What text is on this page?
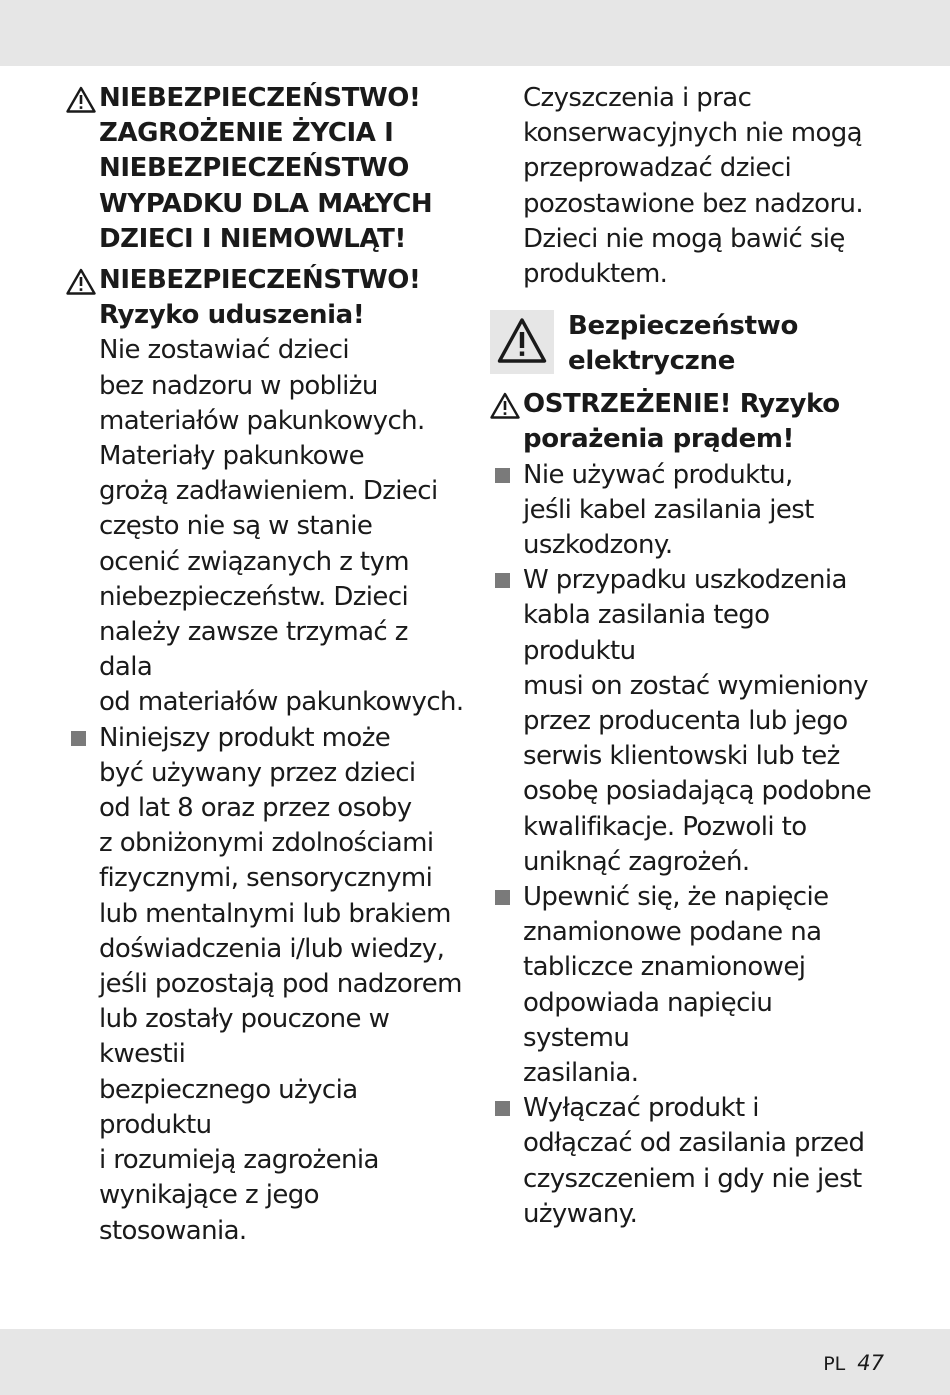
NIEBEZPIECZEŃSTWO!
ZAGROŻENIE ŻYCIA I
NIEBEZPIECZEŃSTWO
WYPADKU DLA MAŁYCH
DZIECI I NIEMOWLĄT!
NIEBEZPIECZEŃSTWO!
Ryzyko uduszenia!
Nie zostawiać dzieci
bez nadzoru w pobliżu
materiałów pakunkowych.
Materiały pakunkowe
grożą zadławieniem. Dzieci
często nie są w stanie
ocenić związanych z tym
niebezpieczeństw. Dzieci
należy zawsze trzymać z dala
od materiałów pakunkowych.
Niniejszy produkt może
być używany przez dzieci
od lat 8 oraz przez osoby
z obniżonymi zdolnościami
fizycznymi, sensorycznymi
lub mentalnymi lub brakiem
doświadczenia i/lub wiedzy,
jeśli pozostają pod nadzorem
lub zostały pouczone w kwestii
bezpiecznego użycia produktu
i rozumieją zagrożenia
wynikające z jego stosowania.
Czyszczenia i prac
konserwacyjnych nie mogą
przeprowadzać dzieci
pozostawione bez nadzoru.
Dzieci nie mogą bawić się
produktem.
Bezpieczeństwo
elektryczne
OSTRZEŻENIE! Ryzyko
porażenia prądem!
Nie używać produktu,
jeśli kabel zasilania jest
uszkodzony.
W przypadku uszkodzenia
kabla zasilania tego produktu
musi on zostać wymieniony
przez producenta lub jego
serwis klientowski lub też
osobę posiadającą podobne
kwalifikacje. Pozwoli to
uniknąć zagrożeń.
Upewnić się, że napięcie
znamionowe podane na
tabliczce znamionowej
odpowiada napięciu systemu
zasilania.
Wyłączać produkt i
odłączać od zasilania przed
czyszczeniem i gdy nie jest
używany.
PL 47
